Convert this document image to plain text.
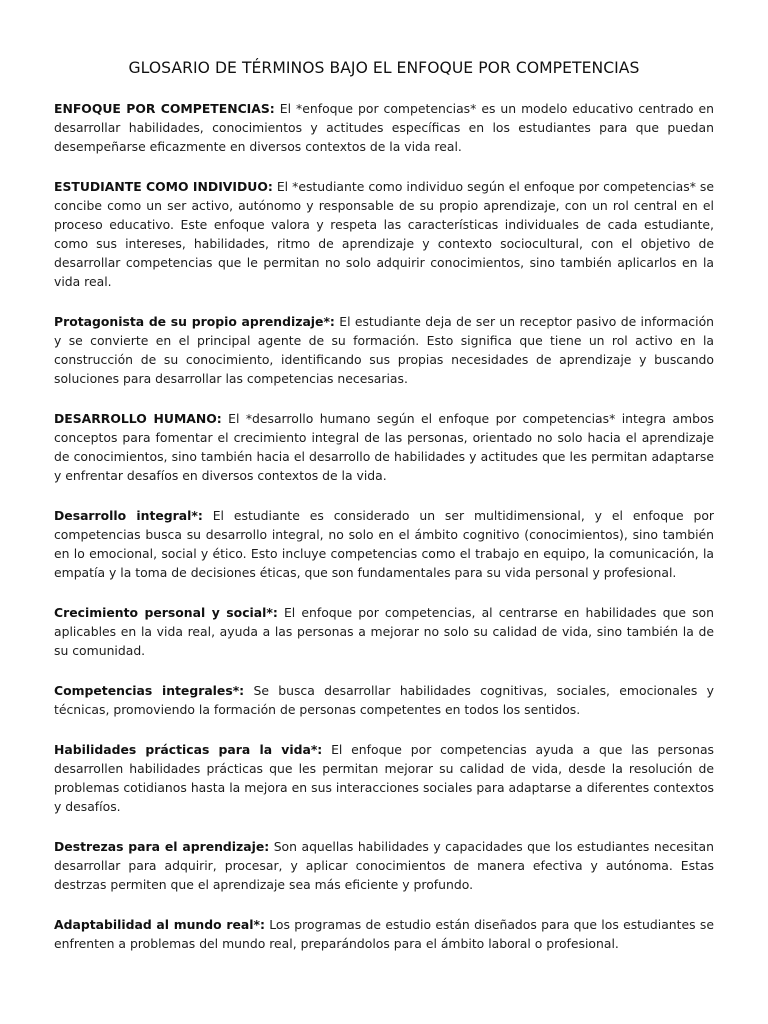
GLOSARIO DE TÉRMINOS BAJO EL ENFOQUE POR COMPETENCIAS

ENFOQUE POR COMPETENCIAS: El *enfoque por competencias* es un modelo educativo centrado en desarrollar habilidades, conocimientos y actitudes específicas en los estudiantes para que puedan desempeñarse eficazmente en diversos contextos de la vida real.

ESTUDIANTE COMO INDIVIDUO: El *estudiante como individuo según el enfoque por competencias* se concibe como un ser activo, autónomo y responsable de su propio aprendizaje, con un rol central en el proceso educativo. Este enfoque valora y respeta las características individuales de cada estudiante, como sus intereses, habilidades, ritmo de aprendizaje y contexto sociocultural, con el objetivo de desarrollar competencias que le permitan no solo adquirir conocimientos, sino también aplicarlos en la vida real.

Protagonista de su propio aprendizaje*: El estudiante deja de ser un receptor pasivo de información y se convierte en el principal agente de su formación. Esto significa que tiene un rol activo en la construcción de su conocimiento, identificando sus propias necesidades de aprendizaje y buscando soluciones para desarrollar las competencias necesarias.

DESARROLLO HUMANO: El *desarrollo humano según el enfoque por competencias* integra ambos conceptos para fomentar el crecimiento integral de las personas, orientado no solo hacia el aprendizaje de conocimientos, sino también hacia el desarrollo de habilidades y actitudes que les permitan adaptarse y enfrentar desafíos en diversos contextos de la vida.

Desarrollo integral*: El estudiante es considerado un ser multidimensional, y el enfoque por competencias busca su desarrollo integral, no solo en el ámbito cognitivo (conocimientos), sino también en lo emocional, social y ético. Esto incluye competencias como el trabajo en equipo, la comunicación, la empatía y la toma de decisiones éticas, que son fundamentales para su vida personal y profesional.

Crecimiento personal y social*: El enfoque por competencias, al centrarse en habilidades que son aplicables en la vida real, ayuda a las personas a mejorar no solo su calidad de vida, sino también la de su comunidad.

Competencias integrales*: Se busca desarrollar habilidades cognitivas, sociales, emocionales y técnicas, promoviendo la formación de personas competentes en todos los sentidos.

Habilidades prácticas para la vida*: El enfoque por competencias ayuda a que las personas desarrollen habilidades prácticas que les permitan mejorar su calidad de vida, desde la resolución de problemas cotidianos hasta la mejora en sus interacciones sociales para adaptarse a diferentes contextos y desafíos.

Destrezas para el aprendizaje: Son aquellas habilidades y capacidades que los estudiantes necesitan desarrollar para adquirir, procesar, y aplicar conocimientos de manera efectiva y autónoma. Estas destrzas permiten que el aprendizaje sea más eficiente y profundo.

Adaptabilidad al mundo real*: Los programas de estudio están diseñados para que los estudiantes se enfrenten a problemas del mundo real, preparándolos para el ámbito laboral o profesional.
